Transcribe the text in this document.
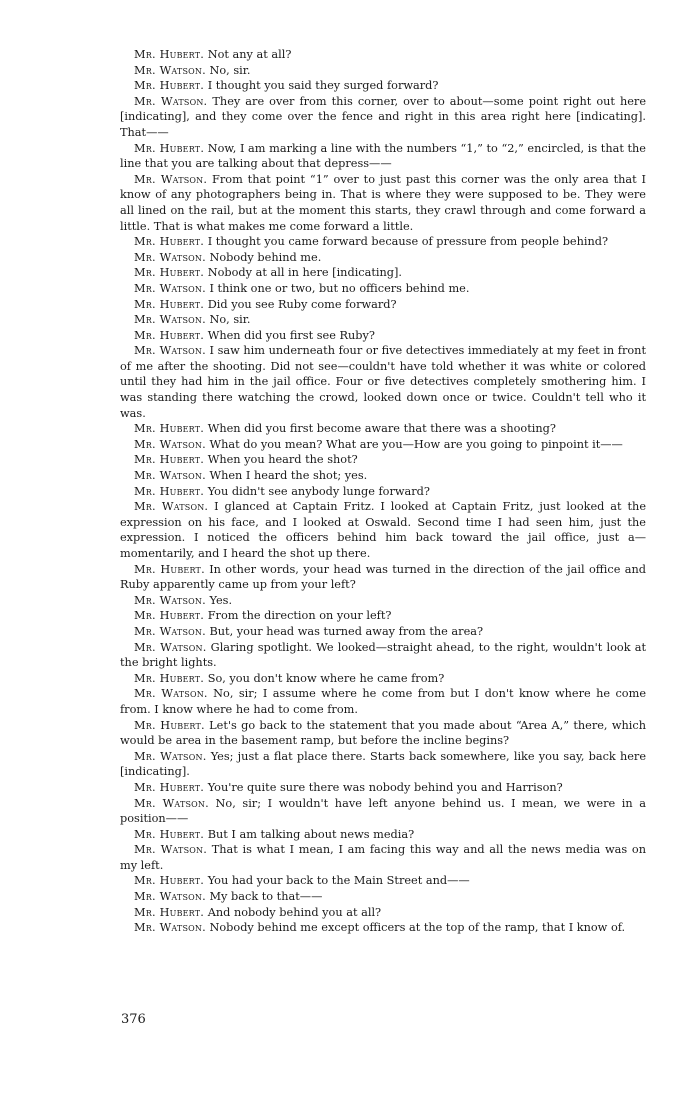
Mr. Hubert. Not any at all?

Mr. Watson. No, sir.

Mr. Hubert. I thought you said they surged forward?

Mr. Watson. They are over from this corner, over to about—some point right out here [indicating], and they come over the fence and right in this area right here [indicating]. That——

Mr. Hubert. Now, I am marking a line with the numbers “1,” to “2,” encircled, is that the line that you are talking about that depress——

Mr. Watson. From that point “1” over to just past this corner was the only area that I know of any photographers being in. That is where they were supposed to be. They were all lined on the rail, but at the moment this starts, they crawl through and come forward a little. That is what makes me come forward a little.

Mr. Hubert. I thought you came forward because of pressure from people behind?

Mr. Watson. Nobody behind me.

Mr. Hubert. Nobody at all in here [indicating].

Mr. Watson. I think one or two, but no officers behind me.

Mr. Hubert. Did you see Ruby come forward?

Mr. Watson. No, sir.

Mr. Hubert. When did you first see Ruby?

Mr. Watson. I saw him underneath four or five detectives immediately at my feet in front of me after the shooting. Did not see—couldn't have told whether it was white or colored until they had him in the jail office. Four or five detectives completely smothering him. I was standing there watching the crowd, looked down once or twice. Couldn't tell who it was.

Mr. Hubert. When did you first become aware that there was a shooting?

Mr. Watson. What do you mean? What are you—How are you going to pinpoint it——

Mr. Hubert. When you heard the shot?

Mr. Watson. When I heard the shot; yes.

Mr. Hubert. You didn't see anybody lunge forward?

Mr. Watson. I glanced at Captain Fritz. I looked at Captain Fritz, just looked at the expression on his face, and I looked at Oswald. Second time I had seen him, just the expression. I noticed the officers behind him back toward the jail office, just a—momentarily, and I heard the shot up there.

Mr. Hubert. In other words, your head was turned in the direction of the jail office and Ruby apparently came up from your left?

Mr. Watson. Yes.

Mr. Hubert. From the direction on your left?

Mr. Watson. But, your head was turned away from the area?

Mr. Watson. Glaring spotlight. We looked—straight ahead, to the right, wouldn't look at the bright lights.

Mr. Hubert. So, you don't know where he came from?

Mr. Watson. No, sir; I assume where he come from but I don't know where he come from. I know where he had to come from.

Mr. Hubert. Let's go back to the statement that you made about “Area A,” there, which would be area in the basement ramp, but before the incline begins?

Mr. Watson. Yes; just a flat place there. Starts back somewhere, like you say, back here [indicating].

Mr. Hubert. You're quite sure there was nobody behind you and Harrison?

Mr. Watson. No, sir; I wouldn't have left anyone behind us. I mean, we were in a position——

Mr. Hubert. But I am talking about news media?

Mr. Watson. That is what I mean, I am facing this way and all the news media was on my left.

Mr. Hubert. You had your back to the Main Street and——

Mr. Watson. My back to that——

Mr. Hubert. And nobody behind you at all?

Mr. Watson. Nobody behind me except officers at the top of the ramp, that I know of.

376
